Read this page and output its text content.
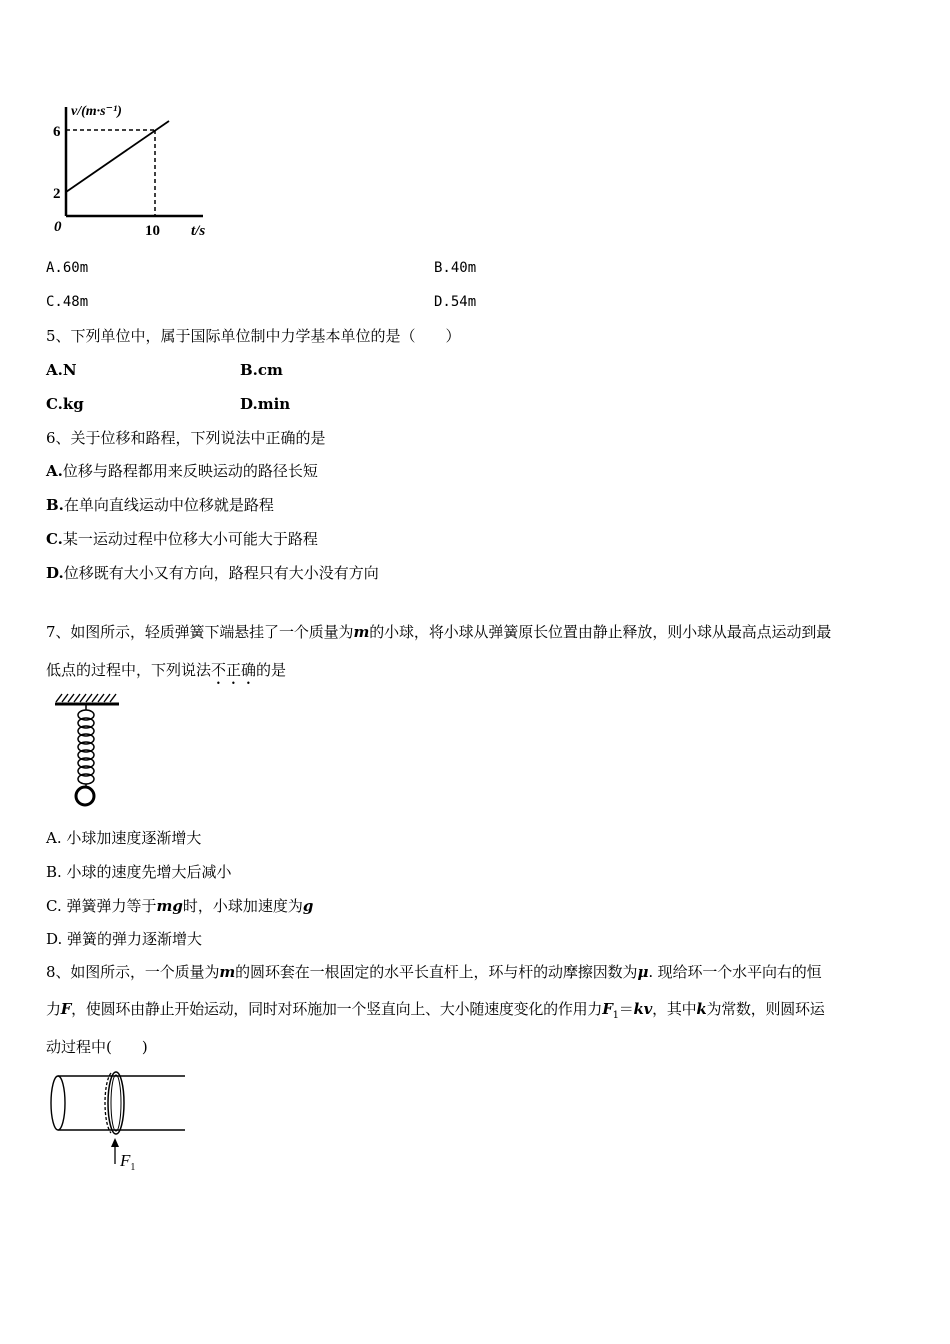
v/(m·s⁻¹)
6
2
0	10 t/s
A.60m	B.40m
C.48m	D.54m
5、下列单位中，属于国际单位制中力学基本单位的是（　　）
A.N	B.cm
C.kg	D.min
6、关于位移和路程，下列说法中正确的是
A.位移与路程都用来反映运动的路径长短
B.在单向直线运动中位移就是路程
C.某一运动过程中位移大小可能大于路程
D.位移既有大小又有方向，路程只有大小没有方向
7、如图所示，轻质弹簧下端悬挂了一个质量为m的小球，将小球从弹簧原长位置由静止释放，则小球从最高点运动到最
低点的过程中，下列说法不正确的是
A. 小球加速度逐渐增大
B. 小球的速度先增大后减小
C. 弹簧弹力等于mg时，小球加速度为g
D. 弹簧的弹力逐渐增大
8、如图所示，一个质量为m的圆环套在一根固定的水平长直杆上，环与杆的动摩擦因数为μ. 现给环一个水平向右的恒
力F，使圆环由静止开始运动，同时对环施加一个竖直向上、大小随速度变化的作用力$F_1=kv$，其中k为常数，则圆环运
动过程中(　　)
$F_1$
